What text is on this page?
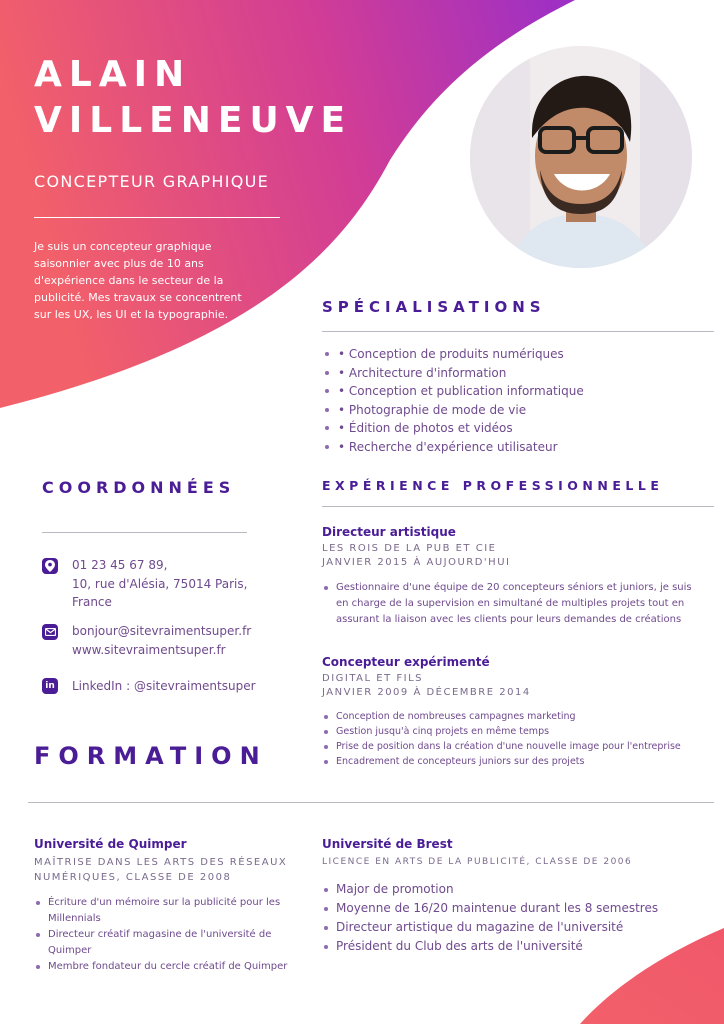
ALAIN
VILLENEUVE
CONCEPTEUR GRAPHIQUE
Je suis un concepteur graphique saisonnier avec plus de 10 ans d'expérience dans le secteur de la publicité. Mes travaux se concentrent sur les UX, les UI et la typographie.	SPÉCIALISATIONS
• Conception de produits numériques
• Architecture d'information
• Conception et publication informatique
• Photographie de mode de vie
• Édition de photos et vidéos
• Recherche d'expérience utilisateur
COORDONNÉES
01 23 45 67 89,
10, rue d'Alésia, 75014 Paris,
France
bonjour@sitevraimentsuper.fr
www.sitevraimentsuper.fr
in LinkedIn : @sitevraimentsuper
EXPÉRIENCE PROFESSIONNELLE
Directeur artistique
LES ROIS DE LA PUB ET CIE
JANVIER 2015 À AUJOURD'HUI
Gestionnaire d'une équipe de 20 concepteurs séniors et juniors, je suis en charge de la supervision en simultané de multiples projets tout en assurant la liaison avec les clients pour leurs demandes de créations
Concepteur expérimenté
DIGITAL ET FILS
JANVIER 2009 À DÉCEMBRE 2014
Conception de nombreuses campagnes marketing
Gestion jusqu'à cinq projets en même temps
Prise de position dans la création d'une nouvelle image pour l'entreprise
Encadrement de concepteurs juniors sur des projets
FORMATION
Université de Quimper
MAÎTRISE DANS LES ARTS DES RÉSEAUX NUMÉRIQUES, CLASSE DE 2008
Écriture d'un mémoire sur la publicité pour les Millennials
Directeur créatif magasine de l'université de Quimper
Membre fondateur du cercle créatif de Quimper
Université de Brest
LICENCE EN ARTS DE LA PUBLICITÉ, CLASSE DE 2006
Major de promotion
Moyenne de 16/20 maintenue durant les 8 semestres
Directeur artistique du magazine de l'université
Président du Club des arts de l'université
